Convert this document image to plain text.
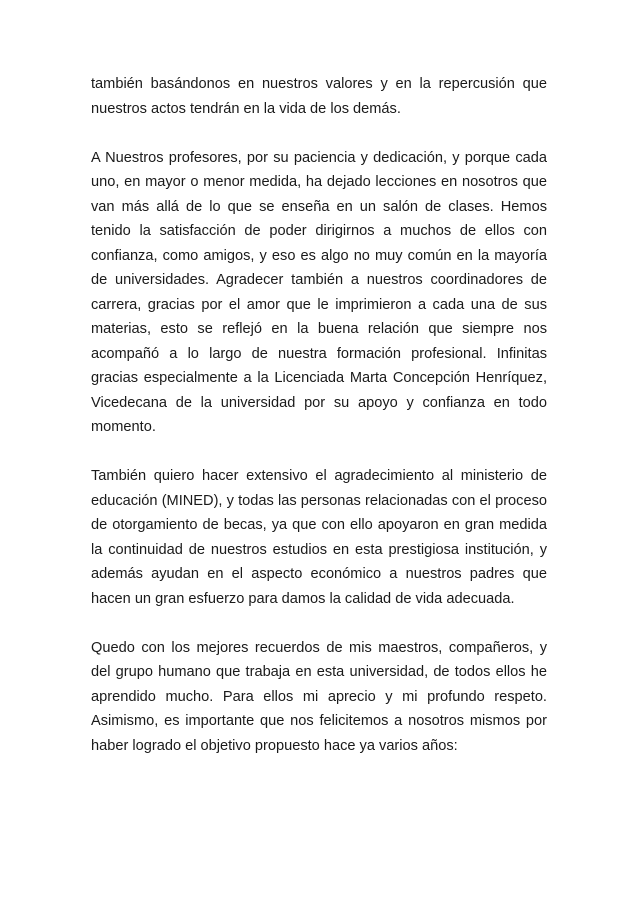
también basándonos en nuestros valores y en la repercusión que nuestros actos tendrán en la vida de los demás.

A Nuestros profesores, por su paciencia y dedicación, y porque cada uno, en mayor o menor medida, ha dejado lecciones en nosotros que van más allá de lo que se enseña en un salón de clases. Hemos tenido la satisfacción de poder dirigirnos a muchos de ellos con confianza, como amigos, y eso es algo no muy común en la mayoría de universidades. Agradecer también a nuestros coordinadores de carrera, gracias por el amor que le imprimieron a cada una de sus materias, esto se reflejó en la buena relación que siempre nos acompañó a lo largo de nuestra formación profesional. Infinitas gracias especialmente a la Licenciada Marta Concepción Henríquez, Vicedecana de la universidad por su apoyo y confianza en todo momento.

También quiero hacer extensivo el agradecimiento al ministerio de educación (MINED), y todas las personas relacionadas con el proceso de otorgamiento de becas, ya que con ello apoyaron en gran medida la continuidad de nuestros estudios en esta prestigiosa institución, y además ayudan en el aspecto económico a nuestros padres que hacen un gran esfuerzo para damos la calidad de vida adecuada.

Quedo con los mejores recuerdos de mis maestros, compañeros, y del grupo humano que trabaja en esta universidad, de todos ellos he aprendido mucho. Para ellos mi aprecio y mi profundo respeto. Asimismo, es importante que nos felicitemos a nosotros mismos por haber logrado el objetivo propuesto hace ya varios años:
